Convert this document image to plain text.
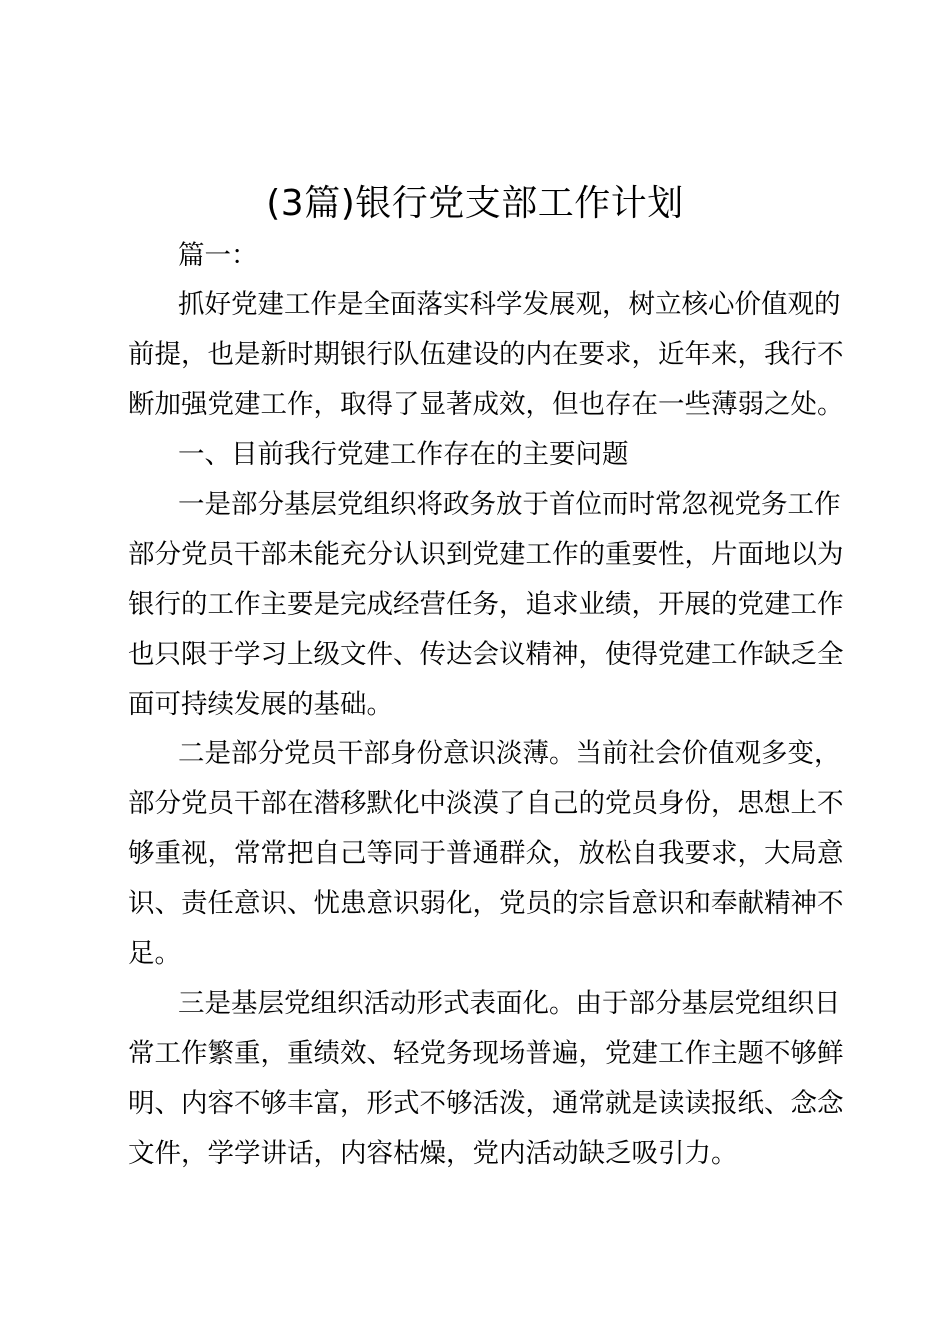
(3篇)银行党支部工作计划
篇一：
抓好党建工作是全面落实科学发展观，树立核心价值观的
前提，也是新时期银行队伍建设的内在要求，近年来，我行不
断加强党建工作，取得了显著成效，但也存在一些薄弱之处。
一、目前我行党建工作存在的主要问题
一是部分基层党组织将政务放于首位而时常忽视党务工作
部分党员干部未能充分认识到党建工作的重要性，片面地以为
银行的工作主要是完成经营任务，追求业绩，开展的党建工作
也只限于学习上级文件、传达会议精神，使得党建工作缺乏全
面可持续发展的基础。
二是部分党员干部身份意识淡薄。当前社会价值观多变，
部分党员干部在潜移默化中淡漠了自己的党员身份，思想上不
够重视，常常把自己等同于普通群众，放松自我要求，大局意
识、责任意识、忧患意识弱化，党员的宗旨意识和奉献精神不
足。
三是基层党组织活动形式表面化。由于部分基层党组织日
常工作繁重，重绩效、轻党务现场普遍，党建工作主题不够鲜
明、内容不够丰富，形式不够活泼，通常就是读读报纸、念念
文件，学学讲话，内容枯燥，党内活动缺乏吸引力。
